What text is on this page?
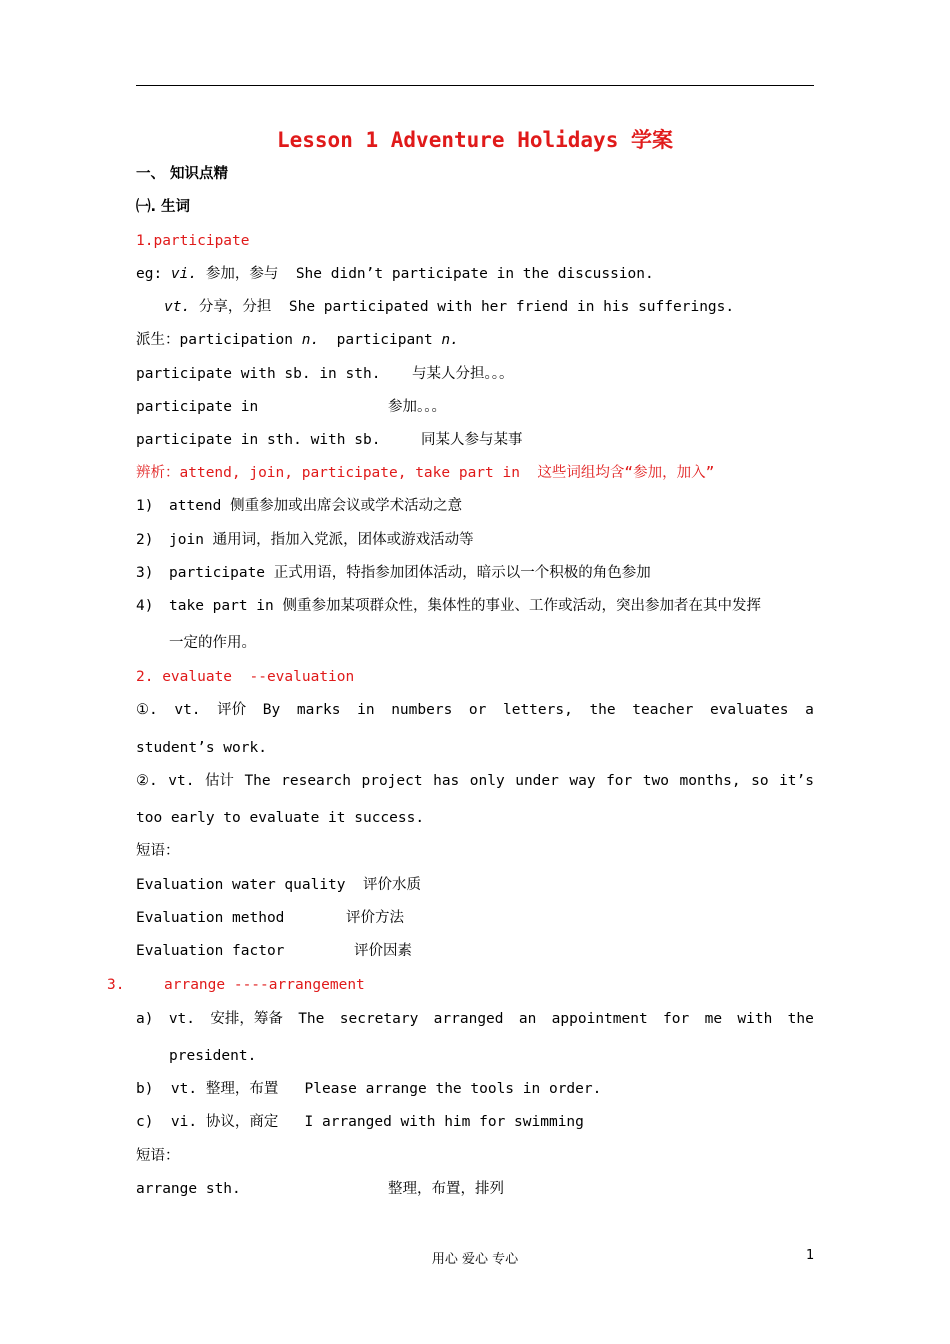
Lesson 1 Adventure Holidays 学案
一、 知识点精
㈠. 生词
1.participate
eg: vi. 参加，参与  She didn’t participate in the discussion.
vt. 分享，分担  She participated with her friend in his sufferings.
派生：participation n.  participant n.
participate with sb. in sth. 与某人分担。。。
participate in	参加。。。
participate in sth. with sb.	同某人参与某事
辨析：attend, join, participate, take part in  这些词组均含“参加，加入”
1) attend 侧重参加或出席会议或学术活动之意
2) join 通用词，指加入党派，团体或游戏活动等
3) participate 正式用语，特指参加团体活动，暗示以一个积极的角色参加
4) take part in 侧重参加某项群众性，集体性的事业、工作或活动，突出参加者在其中发挥
一定的作用。
2. evaluate  --evaluation
①. vt. 评价 By marks in numbers or letters, the teacher evaluates a
student’s work.
②. vt. 估计 The research project has only under way for two months, so it’s
too early to evaluate it success.
短语：
Evaluation water quality 评价水质
Evaluation method	评价方法
Evaluation factor	评价因素
3.	arrange ----arrangement
a) vt. 安排，筹备 The secretary arranged an appointment for me with the
president.
b)  vt. 整理，布置   Please arrange the tools in order.
c)  vi. 协议，商定   I arranged with him for swimming
短语：
arrange sth.	整理，布置，排列
用心 爱心 专心	1
